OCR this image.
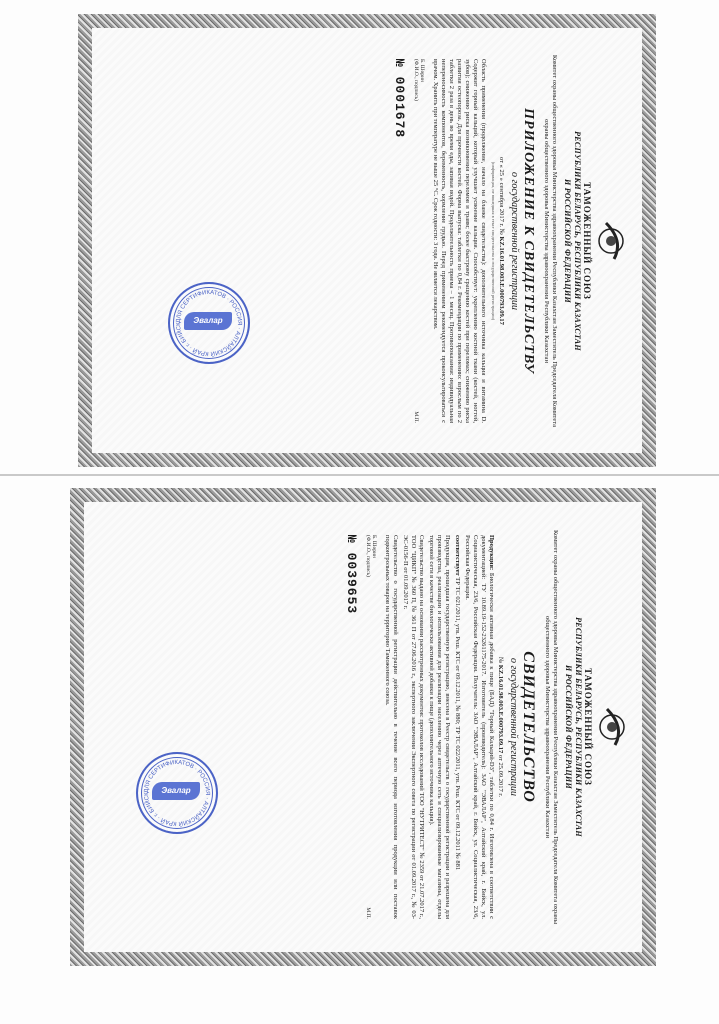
ТАМОЖЕННЫЙ СОЮЗ
РЕСПУБЛИКИ БЕЛАРУСЬ, РЕСПУБЛИКИ КАЗАХСТАН
И РОССИЙСКОЙ ФЕДЕРАЦИИ
Комитет охраны общественного здоровья Министерства здравоохранения Республики Казахстан Заместитель Председателя Комитета охраны общественного здоровья Министерства здравоохранения Республики Казахстан
ПРИЛОЖЕНИЕ К СВИДЕТЕЛЬСТВУ
о государственной регистрации
от « 25 » сентября 2017 г. № KZ.16.01.98.003.E.000793.09.17
(информация, не вошедшая в текст свидетельства о государственной регистрации)
Область применения (продолжение, начало на бланке свидетельства): дополнительного источника кальция и витамина D. Содержит горный кальций, который улучшает усвоение кальция. Способствует: укреплению костной ткани (костей, ногтей, зубов); снижению риска возникновения переломов и травм; более быстрому сращению костей при переломах; снижению риска развития остеопороза. Для прочности костей. Форма выпуска: таблетки по 0,84 г. Рекомендации по применению: взрослым по 2 таблетки 2 раза в день во время еды, запивая водой. Продолжительность приема – 1 месяц. Противопоказания: индивидуальная непереносимость компонентов, беременность, кормление грудью. Перед применением рекомендуется проконсультироваться с врачом. Хранить при температуре не выше 25 °С. Срок годности: 3 года. Не является лекарством.
Б. Шорин
(Ф.И.О., подпись)
М.П.
№ 0001678
ДЛЯ СЕРТИФИКАТОВ · РОССИЯ · АЛТАЙСКИЙ КРАЙ · г. БИЙСК	Эвалар
ТАМОЖЕННЫЙ СОЮЗ
РЕСПУБЛИКИ БЕЛАРУСЬ, РЕСПУБЛИКИ КАЗАХСТАН
И РОССИЙСКОЙ ФЕДЕРАЦИИ
Комитет охраны общественного здоровья Министерства здравоохранения Республики Казахстан Заместитель Председателя Комитета охраны общественного здоровья Министерства здравоохранения Республики Казахстан
СВИДЕТЕЛЬСТВО
о государственной регистрации
№ KZ.16.01.98.003.E.000793.09.17 от 25.09.2017 г.
Продукция: Биологически активная добавка к пище (БАД) "Горный Кальций-D3", таблетки по 0,84 г. Изготовлена в соответствии с документацией: ТУ 10.89.19-152-23261175-2017. Изготовитель (производитель): ЗАО "ЭВАЛАР", Алтайский край, г. Бийск, ул. Социалистическая, 23/6, Российская Федерация. Получатель: ЗАО "ЭВАЛАР", Алтайский край, г. Бийск, ул. Социалистическая, 23/6, Российская Федерация.
соответствует ТР ТС 021/2011, утв. Реш. КТС от 09.12.2011, № 880; ТР ТС 022/2011, утв. Реш. КТС от 09.12.2011 № 881
Продукция, прошедшая государственную регистрацию, внесена в Реестр свидетельств о государственной регистрации и разрешена для производства, реализации и использования для реализации населению через аптечную сеть и специализированные магазины, отделы торговой сети в качестве биологически активной добавки к пище (дополнительного источника кальция).
Свидетельство выдано на основании рассмотренных документов: протоколов исследований ТОО "НУТРИТЕСТ" № 2359 от 21.07.2017 г., ТОО "ЦИКП" № 360 П, № 361 П от 27.06.2016 г., экспертного заключения Экспертного совета по регистрации от 01.09.2017 г., № 03-ЭС-0156-П от 01.09.2017 г.
Свидетельство о государственной регистрации действительно в течение всего периода изготовления продукции или поставок подконтрольных товаров на территорию Таможенного союза.
Б. Шорин
(Ф.И.О., подпись)
М.П.
№ 0039653
ДЛЯ СЕРТИФИКАТОВ · РОССИЯ · АЛТАЙСКИЙ КРАЙ · г. БИЙСК	Эвалар
